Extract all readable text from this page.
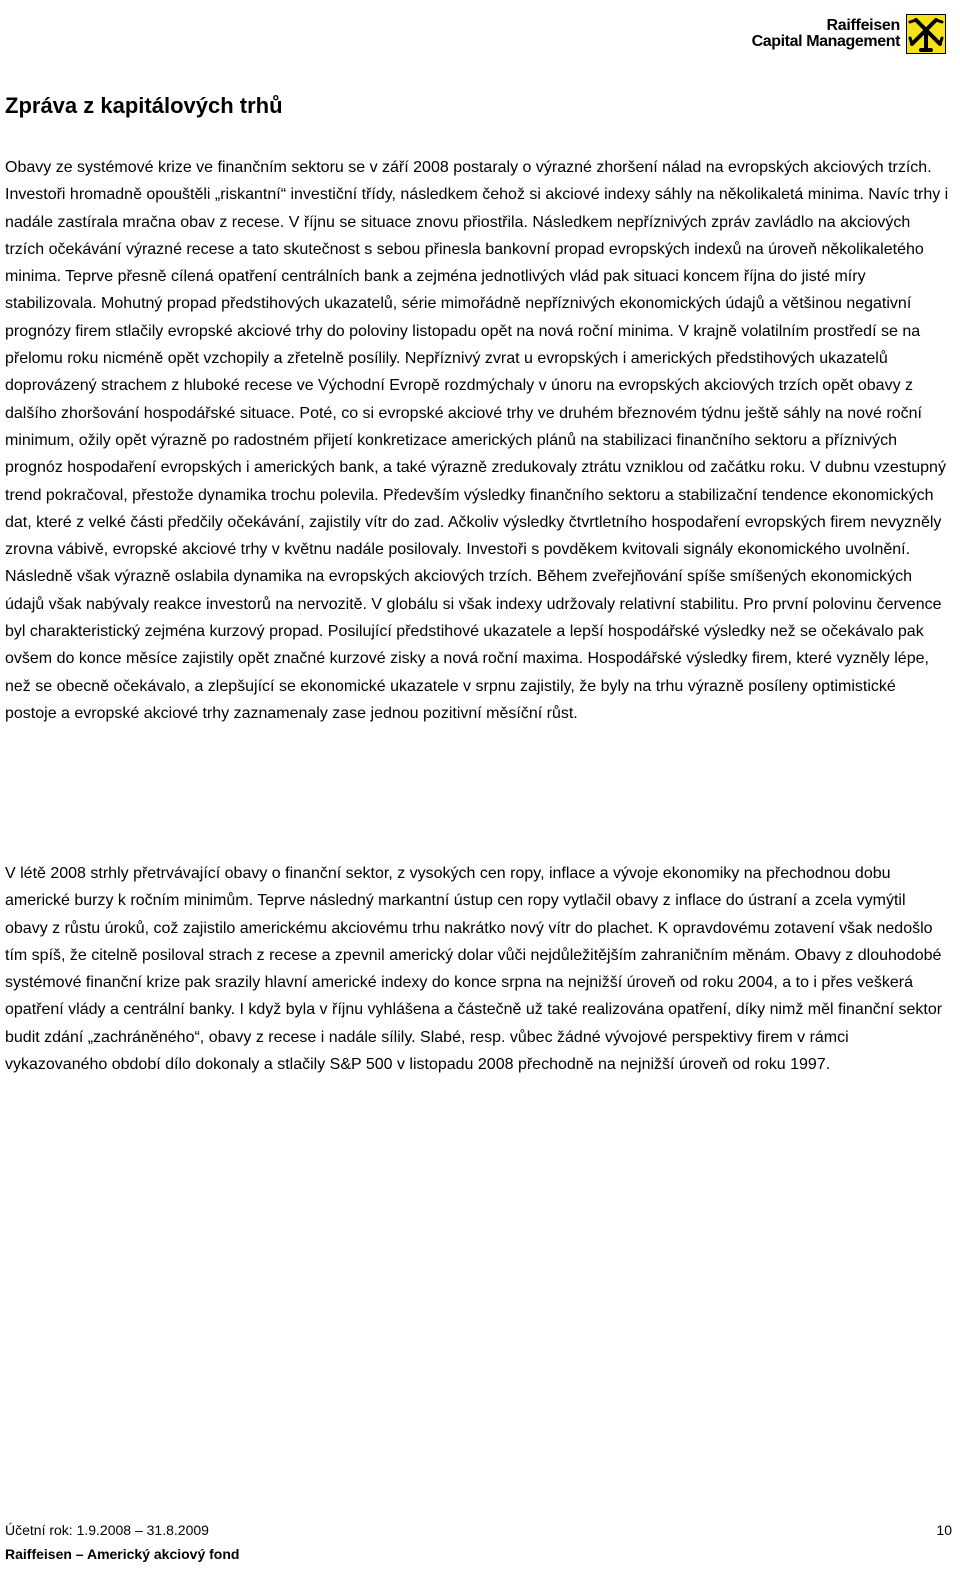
Raiffeisen
Capital Management
Zpráva z kapitálových trhů

Obavy ze systémové krize ve finančním sektoru se v září 2008 postaraly o výrazné zhoršení nálad na evropských akciových trzích. Investoři hromadně opouštěli „riskantní“ investiční třídy, následkem čehož si akciové indexy sáhly na několikaletá minima. Navíc trhy i nadále zastírala mračna obav z recese. V říjnu se situace znovu přiostřila. Následkem nepříznivých zpráv zavládlo na akciových trzích očekávání výrazné recese a tato skutečnost s sebou přinesla bankovní propad evropských indexů na úroveň několikaletého minima. Teprve přesně cílená opatření centrálních bank a zejména jednotlivých vlád pak situaci koncem října do jisté míry stabilizovala. Mohutný propad předstihových ukazatelů, série mimořádně nepříznivých ekonomických údajů a většinou negativní prognózy firem stlačily evropské akciové trhy do poloviny listopadu opět na nová roční minima. V krajně volatilním prostředí se na přelomu roku nicméně opět vzchopily a zřetelně posílily. Nepříznivý zvrat u evropských i amerických předstihových ukazatelů doprovázený strachem z hluboké recese ve Východní Evropě rozdmýchaly v únoru na evropských akciových trzích opět obavy z dalšího zhoršování hospodářské situace. Poté, co si evropské akciové trhy ve druhém březnovém týdnu ještě sáhly na nové roční minimum, ožily opět výrazně po radostném přijetí konkretizace amerických plánů na stabilizaci finančního sektoru a příznivých prognóz hospodaření evropských i amerických bank, a také výrazně zredukovaly ztrátu vzniklou od začátku roku. V dubnu vzestupný trend pokračoval, přestože dynamika trochu polevila. Především výsledky finančního sektoru a stabilizační tendence ekonomických dat, které z velké části předčily očekávání, zajistily vítr do zad. Ačkoliv výsledky čtvrtletního hospodaření evropských firem nevyzněly zrovna vábivě, evropské akciové trhy v květnu nadále posilovaly. Investoři s povděkem kvitovali signály ekonomického uvolnění. Následně však výrazně oslabila dynamika na evropských akciových trzích. Během zveřejňování spíše smíšených ekonomických údajů však nabývaly reakce investorů na nervozitě. V globálu si však indexy udržovaly relativní stabilitu. Pro první polovinu července byl charakteristický zejména kurzový propad. Posilující předstihové ukazatele a lepší hospodářské výsledky než se očekávalo pak ovšem do konce měsíce zajistily opět značné kurzové zisky a nová roční maxima. Hospodářské výsledky firem, které vyzněly lépe, než se obecně očekávalo, a zlepšující se ekonomické ukazatele v srpnu zajistily, že byly na trhu výrazně posíleny optimistické postoje a evropské akciové trhy zaznamenaly zase jednou pozitivní měsíční růst.

V létě 2008 strhly přetrvávající obavy o finanční sektor, z vysokých cen ropy, inflace a vývoje ekonomiky na přechodnou dobu americké burzy k ročním minimům. Teprve následný markantní ústup cen ropy vytlačil obavy z inflace do ústraní a zcela vymýtil obavy z růstu úroků, což zajistilo americkému akciovému trhu nakrátko nový vítr do plachet. K opravdovému zotavení však nedošlo tím spíš, že citelně posiloval strach z recese a zpevnil americký dolar vůči nejdůležitějším zahraničním měnám. Obavy z dlouhodobé systémové finanční krize pak srazily hlavní americké indexy do konce srpna na nejnižší úroveň od roku 2004, a to i přes veškerá opatření vlády a centrální banky. I když byla v říjnu vyhlášena a částečně už také realizována opatření, díky nimž měl finanční sektor budit zdání „zachráněného“, obavy z recese i nadále sílily. Slabé, resp. vůbec žádné vývojové perspektivy firem v rámci vykazovaného období dílo dokonaly a stlačily S&P 500 v listopadu 2008 přechodně na nejnižší úroveň od roku 1997.

Účetní rok: 1.9.2008 – 31.8.2009	10
Raiffeisen – Americký akciový fond
